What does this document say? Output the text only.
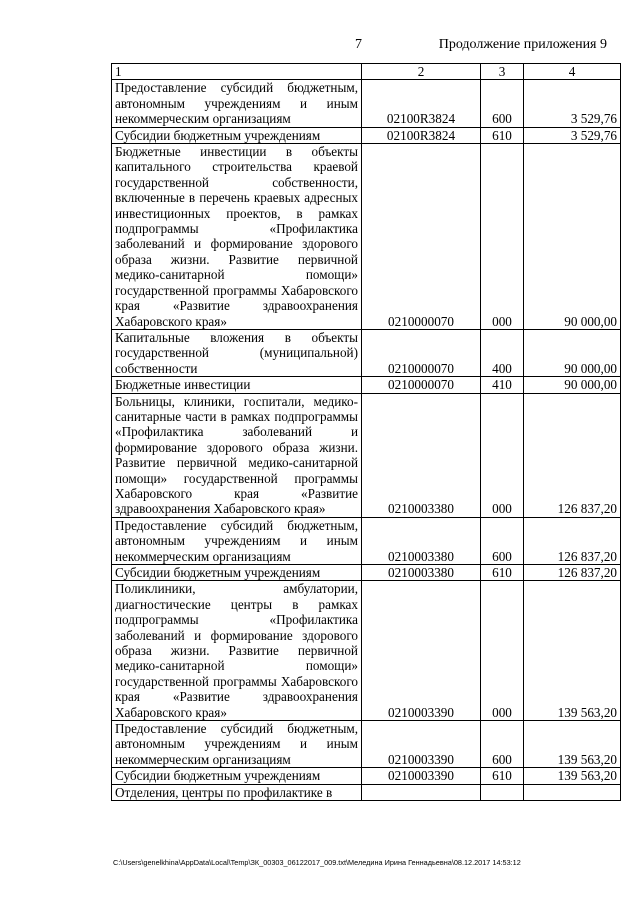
7	Продолжение приложения 9
1	2	3	4
Предоставление субсидий бюджетным, автономным учреждениям и иным некоммерческим организациям	02100R3824	600	3 529,76
Субсидии бюджетным учреждениям	02100R3824	610	3 529,76
Бюджетные инвестиции в объекты капитального строительства краевой государственной собственности, включенные в перечень краевых адресных инвестиционных проектов, в рамках подпрограммы «Профилактика заболеваний и формирование здорового образа жизни. Развитие первичной медико-санитарной помощи» государственной программы Хабаровского края «Развитие здравоохранения Хабаровского края»	0210000070	000	90 000,00
Капитальные вложения в объекты государственной (муниципальной) собственности	0210000070	400	90 000,00
Бюджетные инвестиции	0210000070	410	90 000,00
Больницы, клиники, госпитали, медико-санитарные части в рамках подпрограммы «Профилактика заболеваний и формирование здорового образа жизни. Развитие первичной медико-санитарной помощи» государственной программы Хабаровского края «Развитие здравоохранения Хабаровского края»	0210003380	000	126 837,20
Предоставление субсидий бюджетным, автономным учреждениям и иным некоммерческим организациям	0210003380	600	126 837,20
Субсидии бюджетным учреждениям	0210003380	610	126 837,20
Поликлиники, амбулатории, диагностические центры в рамках подпрограммы «Профилактика заболеваний и формирование здорового образа жизни. Развитие первичной медико-санитарной помощи» государственной программы Хабаровского края «Развитие здравоохранения Хабаровского края»	0210003390	000	139 563,20
Предоставление субсидий бюджетным, автономным учреждениям и иным некоммерческим организациям	0210003390	600	139 563,20
Субсидии бюджетным учреждениям	0210003390	610	139 563,20
Отделения, центры по профилактике в			
C:\Users\genelkhina\AppData\Local\Temp\ЗК_00303_06122017_009.txt\Меледина Ирина Геннадьевна\08.12.2017 14:53:12
